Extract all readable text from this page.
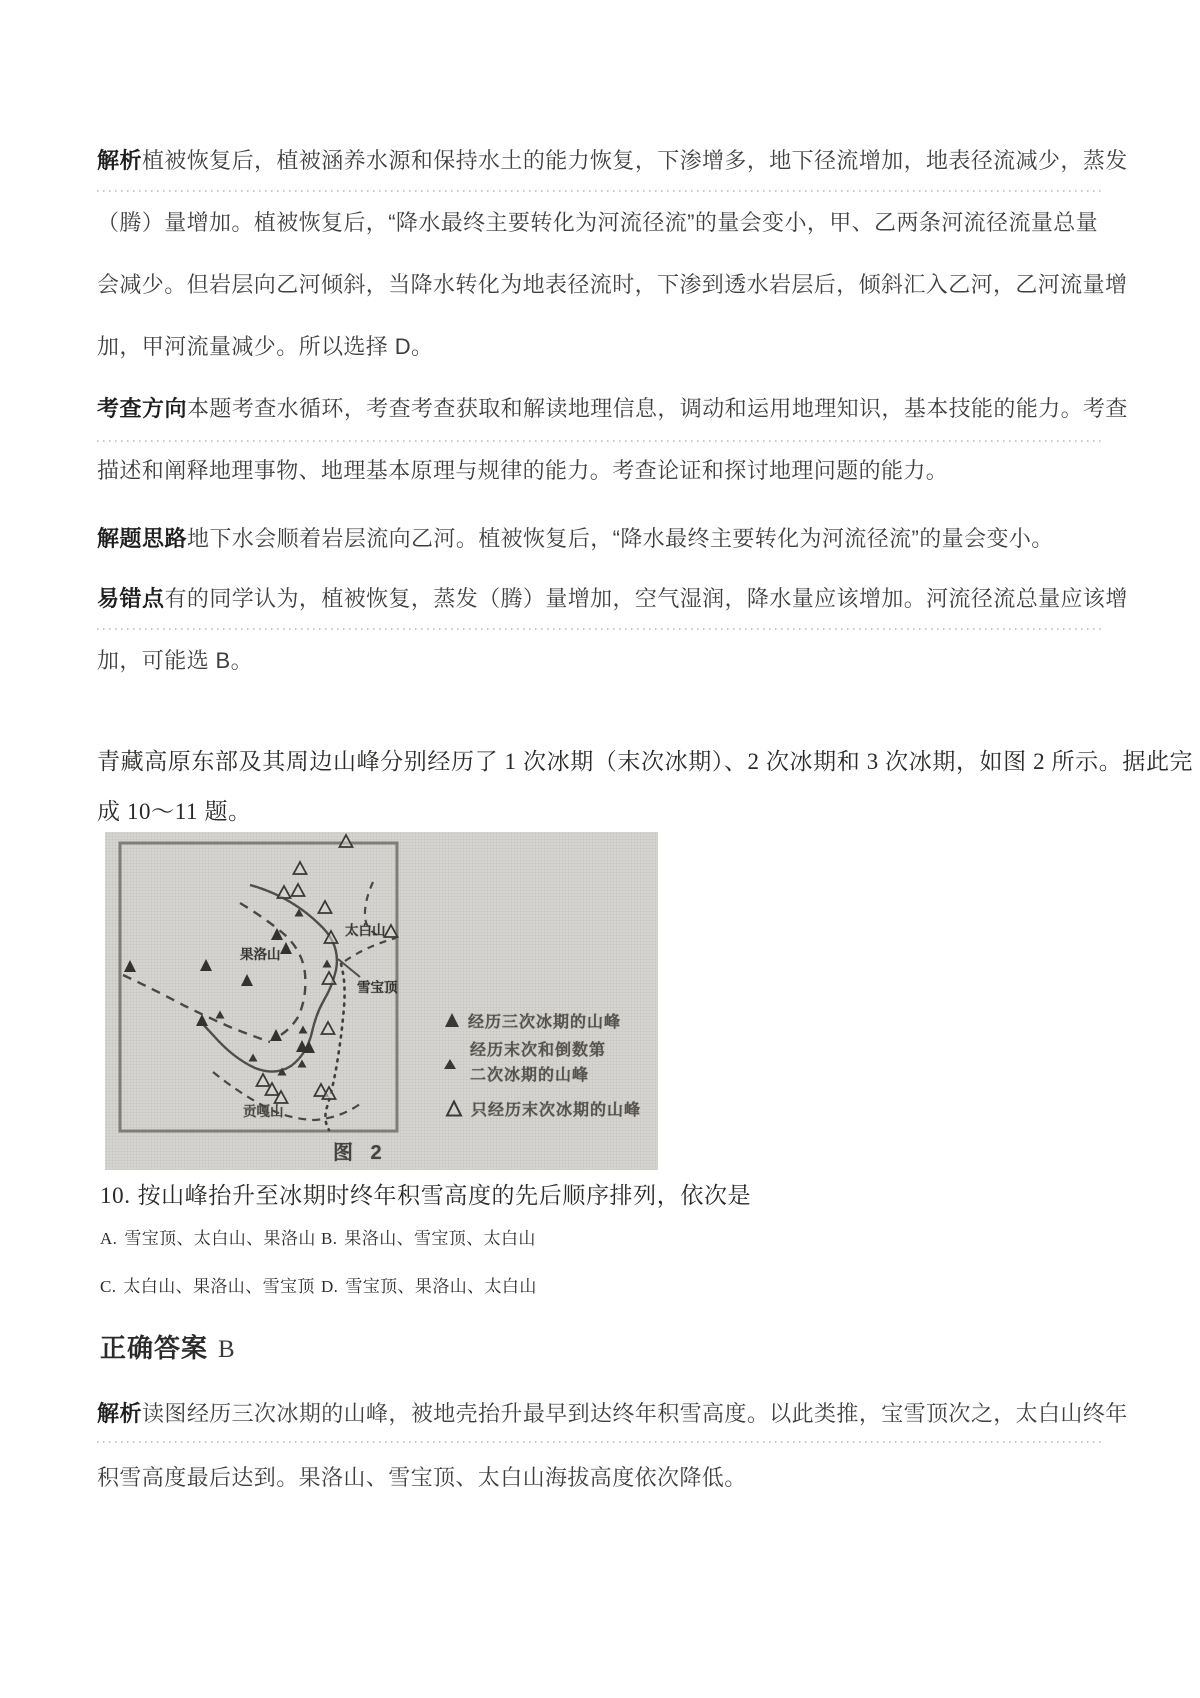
解析植被恢复后，植被涵养水源和保持水土的能力恢复，下渗增多，地下径流增加，地表径流减少，蒸发
（腾）量增加。植被恢复后，“降水最终主要转化为河流径流”的量会变小，甲、乙两条河流径流量总量
会减少。但岩层向乙河倾斜，当降水转化为地表径流时，下渗到透水岩层后，倾斜汇入乙河，乙河流量增
加，甲河流量减少。所以选择 D。
考查方向本题考查水循环，考查考查获取和解读地理信息，调动和运用地理知识，基本技能的能力。考查
描述和阐释地理事物、地理基本原理与规律的能力。考查论证和探讨地理问题的能力。
解题思路地下水会顺着岩层流向乙河。植被恢复后，“降水最终主要转化为河流径流”的量会变小。
易错点有的同学认为，植被恢复，蒸发（腾）量增加，空气湿润，降水量应该增加。河流径流总量应该增
加，可能选 B。
青藏高原东部及其周边山峰分别经历了 1 次冰期（末次冰期）、2 次冰期和 3 次冰期，如图 2 所示。据此完
成 10～11 题。
太白山
果洛山
雪宝顶
贡嘎山
经历三次冰期的山峰
经历末次和倒数第
二次冰期的山峰
只经历末次冰期的山峰
图 2
10. 按山峰抬升至冰期时终年积雪高度的先后顺序排列，依次是
A. 雪宝顶、太白山、果洛山 B. 果洛山、雪宝顶、太白山
C. 太白山、果洛山、雪宝顶 D. 雪宝顶、果洛山、太白山
正确答案 B
解析读图经历三次冰期的山峰，被地壳抬升最早到达终年积雪高度。以此类推，宝雪顶次之，太白山终年
积雪高度最后达到。果洛山、雪宝顶、太白山海拔高度依次降低。
